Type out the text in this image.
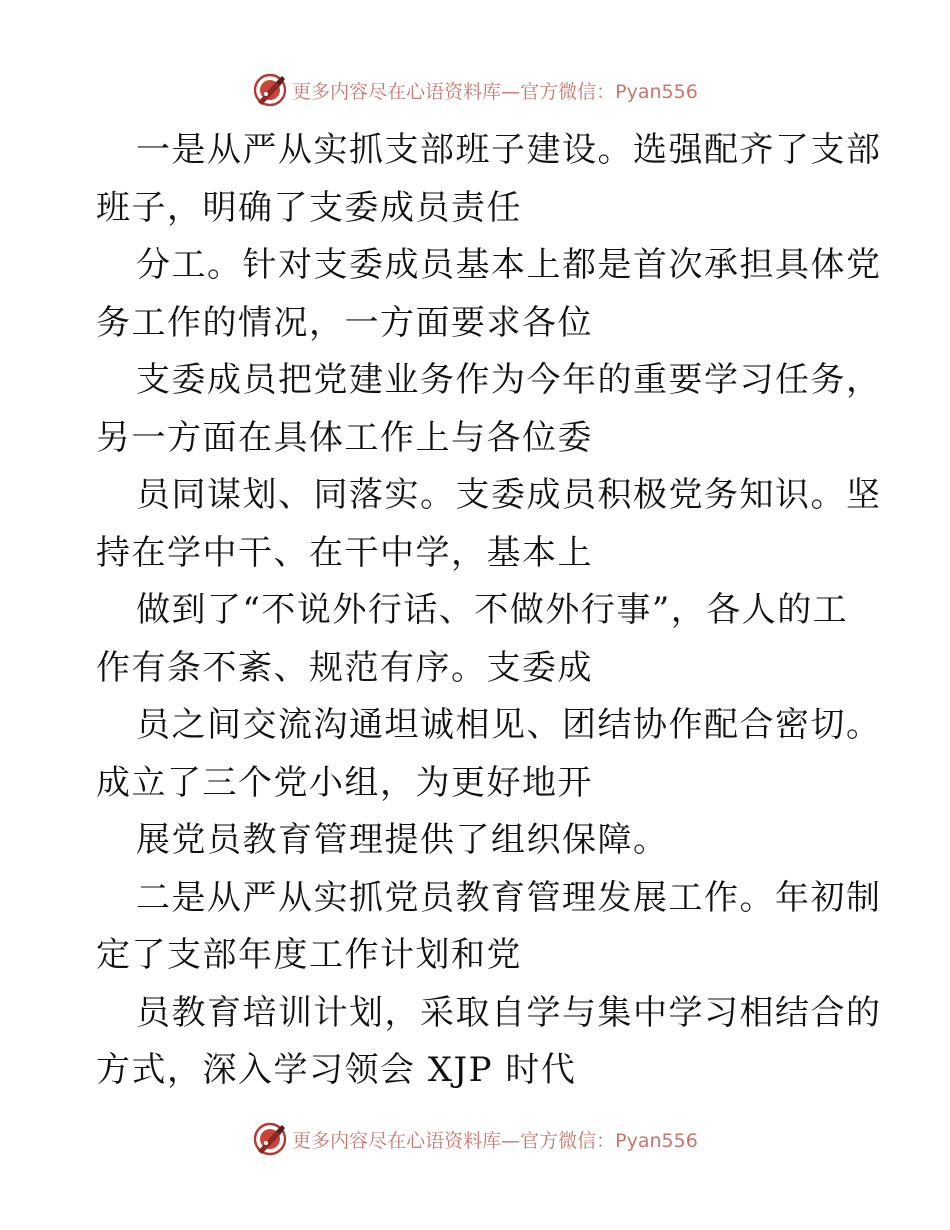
更多内容尽在心语资料库—官方微信：Pyan556

一是从严从实抓支部班子建设。选强配齐了支部

班子，明确了支委成员责任

分工。针对支委成员基本上都是首次承担具体党

务工作的情况，一方面要求各位

支委成员把党建业务作为今年的重要学习任务，

另一方面在具体工作上与各位委

员同谋划、同落实。支委成员积极党务知识。坚

持在学中干、在干中学，基本上

做到了“不说外行话、不做外行事”，各人的工

作有条不紊、规范有序。支委成

员之间交流沟通坦诚相见、团结协作配合密切。

成立了三个党小组，为更好地开

展党员教育管理提供了组织保障。

二是从严从实抓党员教育管理发展工作。年初制

定了支部年度工作计划和党

员教育培训计划，采取自学与集中学习相结合的

方式，深入学习领会 XJP 时代

更多内容尽在心语资料库—官方微信：Pyan556
